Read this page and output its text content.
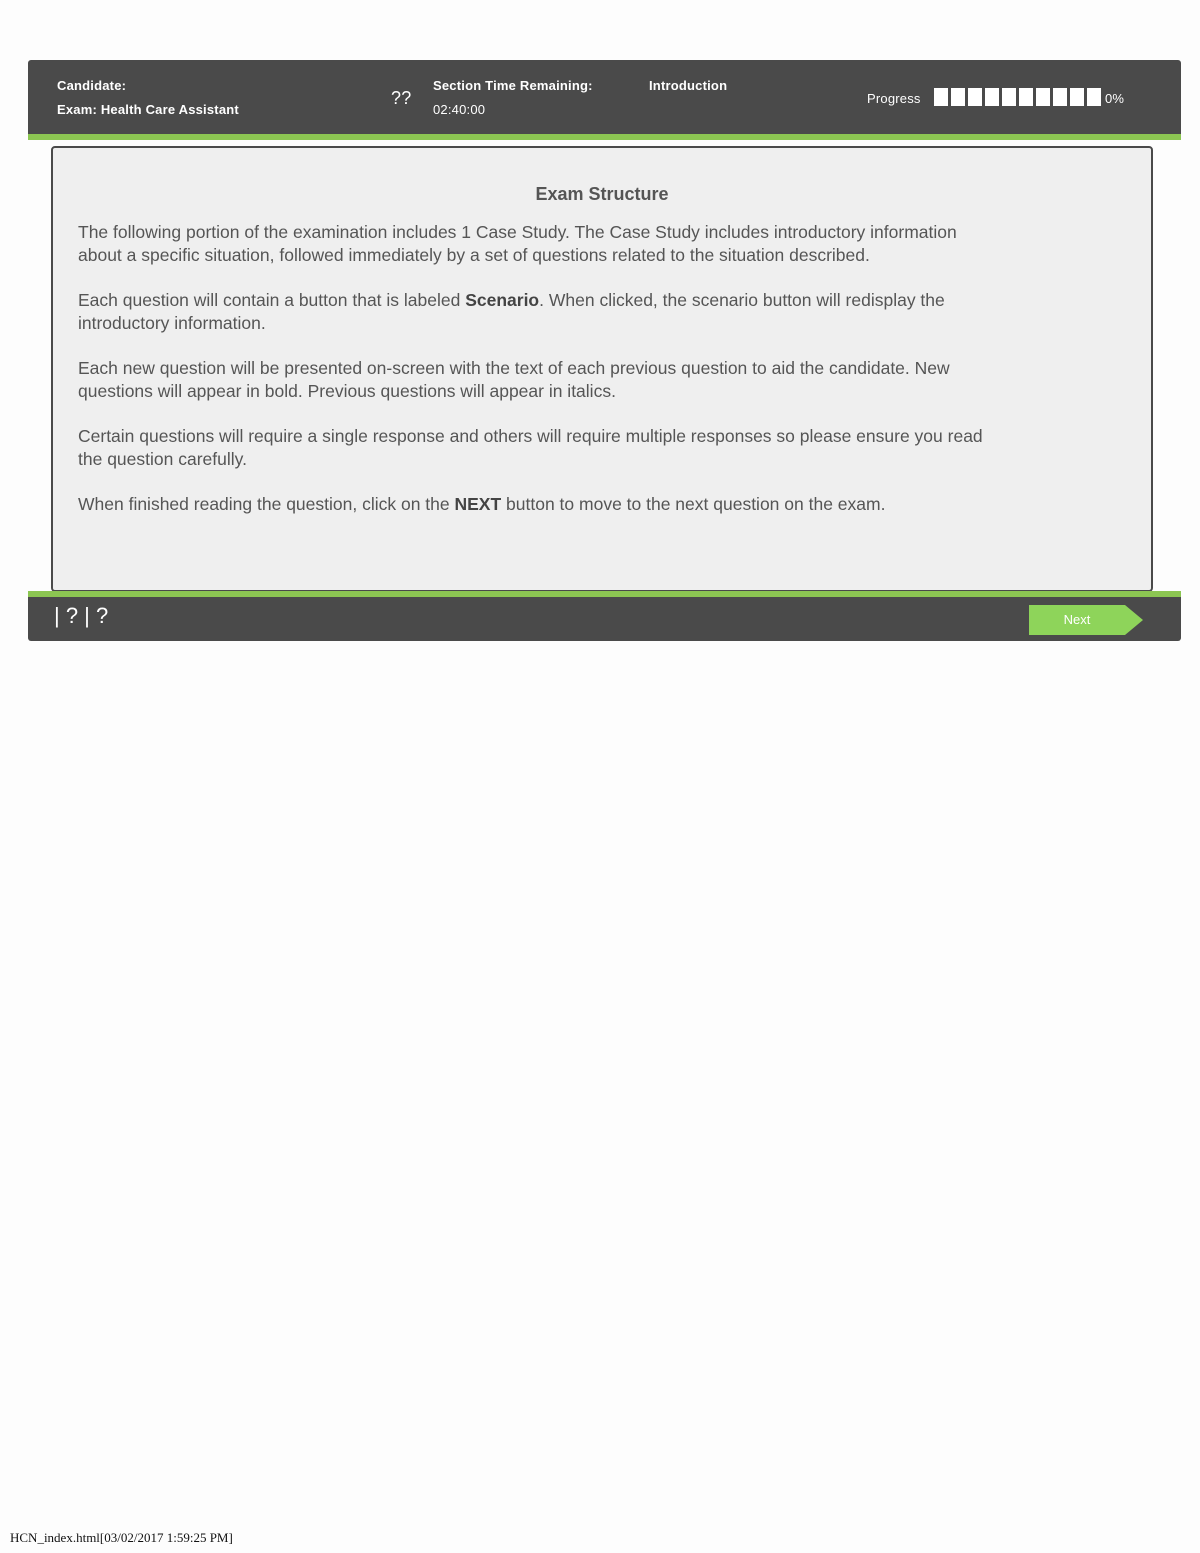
Candidate:
Exam: Health Care Assistant
??
Section Time Remaining:
02:40:00
Introduction
Progress	0%
Exam Structure

The following portion of the examination includes 1 Case Study. The Case Study includes introductory information about a specific situation, followed immediately by a set of questions related to the situation described.

Each question will contain a button that is labeled Scenario. When clicked, the scenario button will redisplay the introductory information.

Each new question will be presented on-screen with the text of each previous question to aid the candidate. New questions will appear in bold. Previous questions will appear in italics.

Certain questions will require a single response and others will require multiple responses so please ensure you read the question carefully.

When finished reading the question, click on the NEXT button to move to the next question on the exam.

| ? | ?	Next
HCN_index.html[03/02/2017 1:59:25 PM]
